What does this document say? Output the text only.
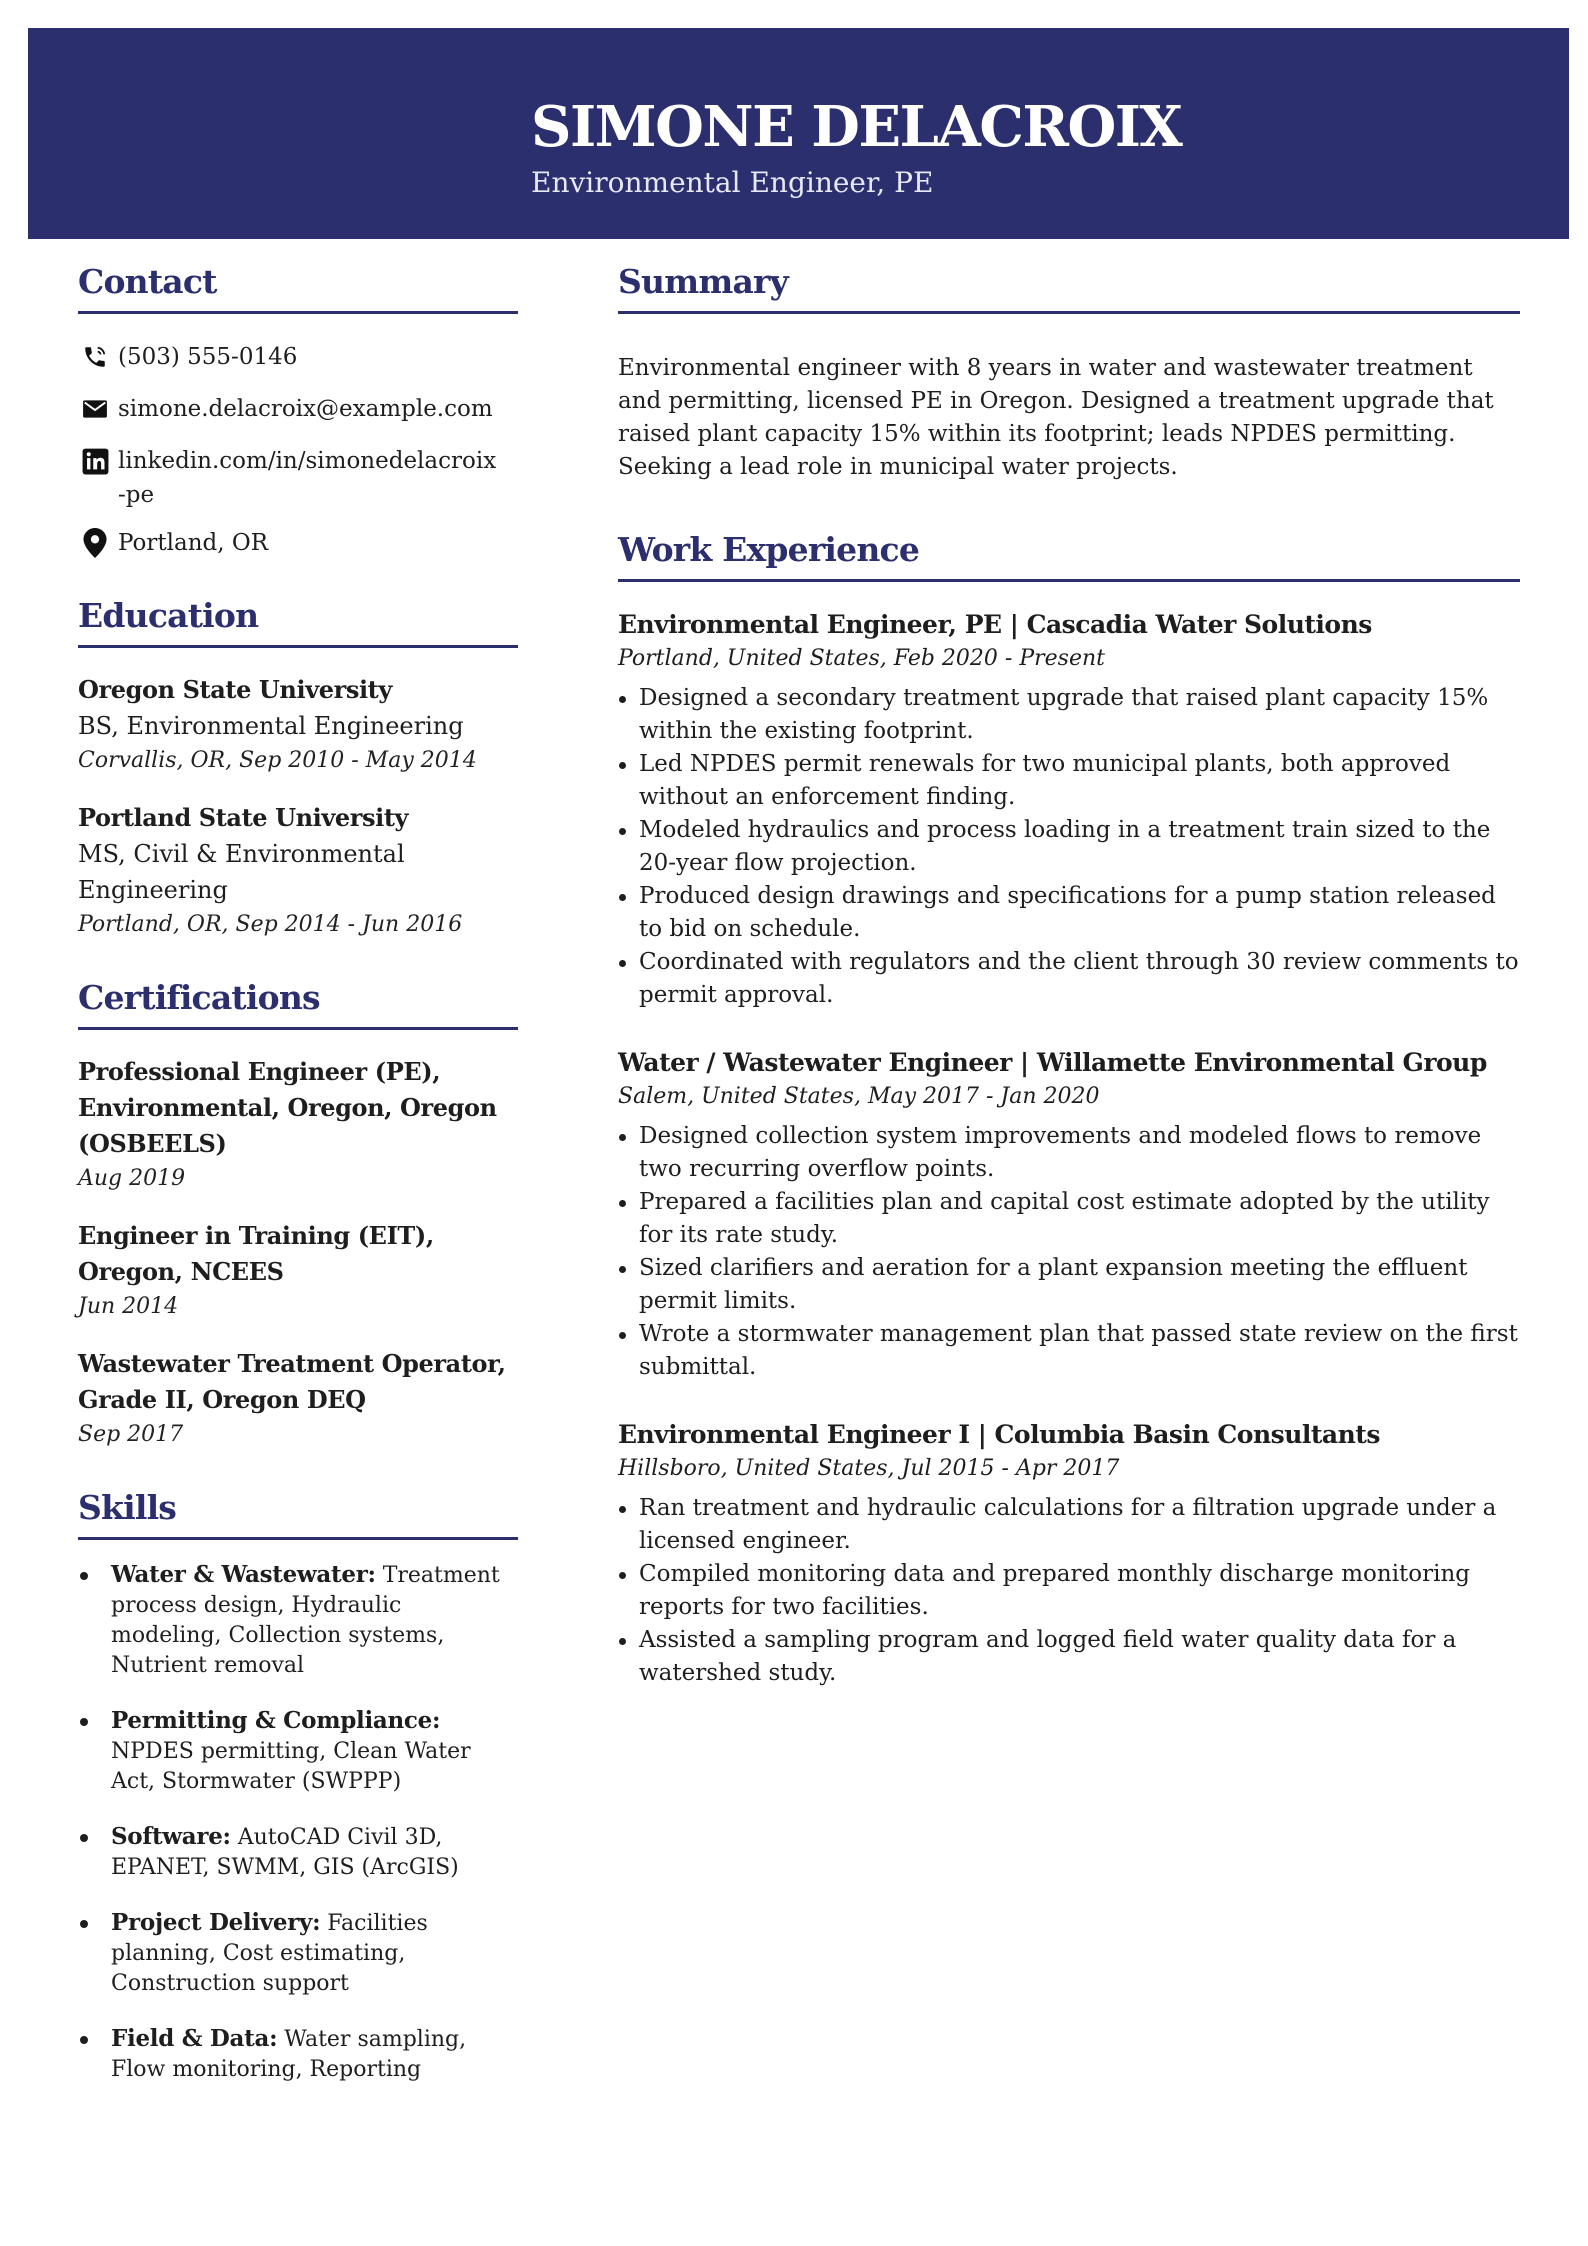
SIMONE DELACROIX
Environmental Engineer, PE
Contact
(503) 555-0146
simone.delacroix@example.com
linkedin.com/in/simonedelacroix-pe
Portland, OR
Education
Oregon State University
BS, Environmental Engineering
Corvallis, OR, Sep 2010 - May 2014
Portland State University
MS, Civil & Environmental Engineering
Portland, OR, Sep 2014 - Jun 2016
Certifications
Professional Engineer (PE), Environmental, Oregon, Oregon (OSBEELS)
Aug 2019
Engineer in Training (EIT), Oregon, NCEES
Jun 2014
Wastewater Treatment Operator, Grade II, Oregon DEQ
Sep 2017
Skills
Water & Wastewater: Treatment process design, Hydraulic modeling, Collection systems, Nutrient removal
Permitting & Compliance: NPDES permitting, Clean Water Act, Stormwater (SWPPP)
Software: AutoCAD Civil 3D, EPANET, SWMM, GIS (ArcGIS)
Project Delivery: Facilities planning, Cost estimating, Construction support
Field & Data: Water sampling, Flow monitoring, Reporting
Summary

Environmental engineer with 8 years in water and wastewater treatment and permitting, licensed PE in Oregon. Designed a treatment upgrade that raised plant capacity 15% within its footprint; leads NPDES permitting. Seeking a lead role in municipal water projects.

Work Experience
Environmental Engineer, PE | Cascadia Water Solutions
Portland, United States, Feb 2020 - Present
Designed a secondary treatment upgrade that raised plant capacity 15% within the existing footprint.
Led NPDES permit renewals for two municipal plants, both approved without an enforcement finding.
Modeled hydraulics and process loading in a treatment train sized to the 20-year flow projection.
Produced design drawings and specifications for a pump station released to bid on schedule.
Coordinated with regulators and the client through 30 review comments to permit approval.
Water / Wastewater Engineer | Willamette Environmental Group
Salem, United States, May 2017 - Jan 2020
Designed collection system improvements and modeled flows to remove two recurring overflow points.
Prepared a facilities plan and capital cost estimate adopted by the utility for its rate study.
Sized clarifiers and aeration for a plant expansion meeting the effluent permit limits.
Wrote a stormwater management plan that passed state review on the first submittal.
Environmental Engineer I | Columbia Basin Consultants
Hillsboro, United States, Jul 2015 - Apr 2017
Ran treatment and hydraulic calculations for a filtration upgrade under a licensed engineer.
Compiled monitoring data and prepared monthly discharge monitoring reports for two facilities.
Assisted a sampling program and logged field water quality data for a watershed study.
